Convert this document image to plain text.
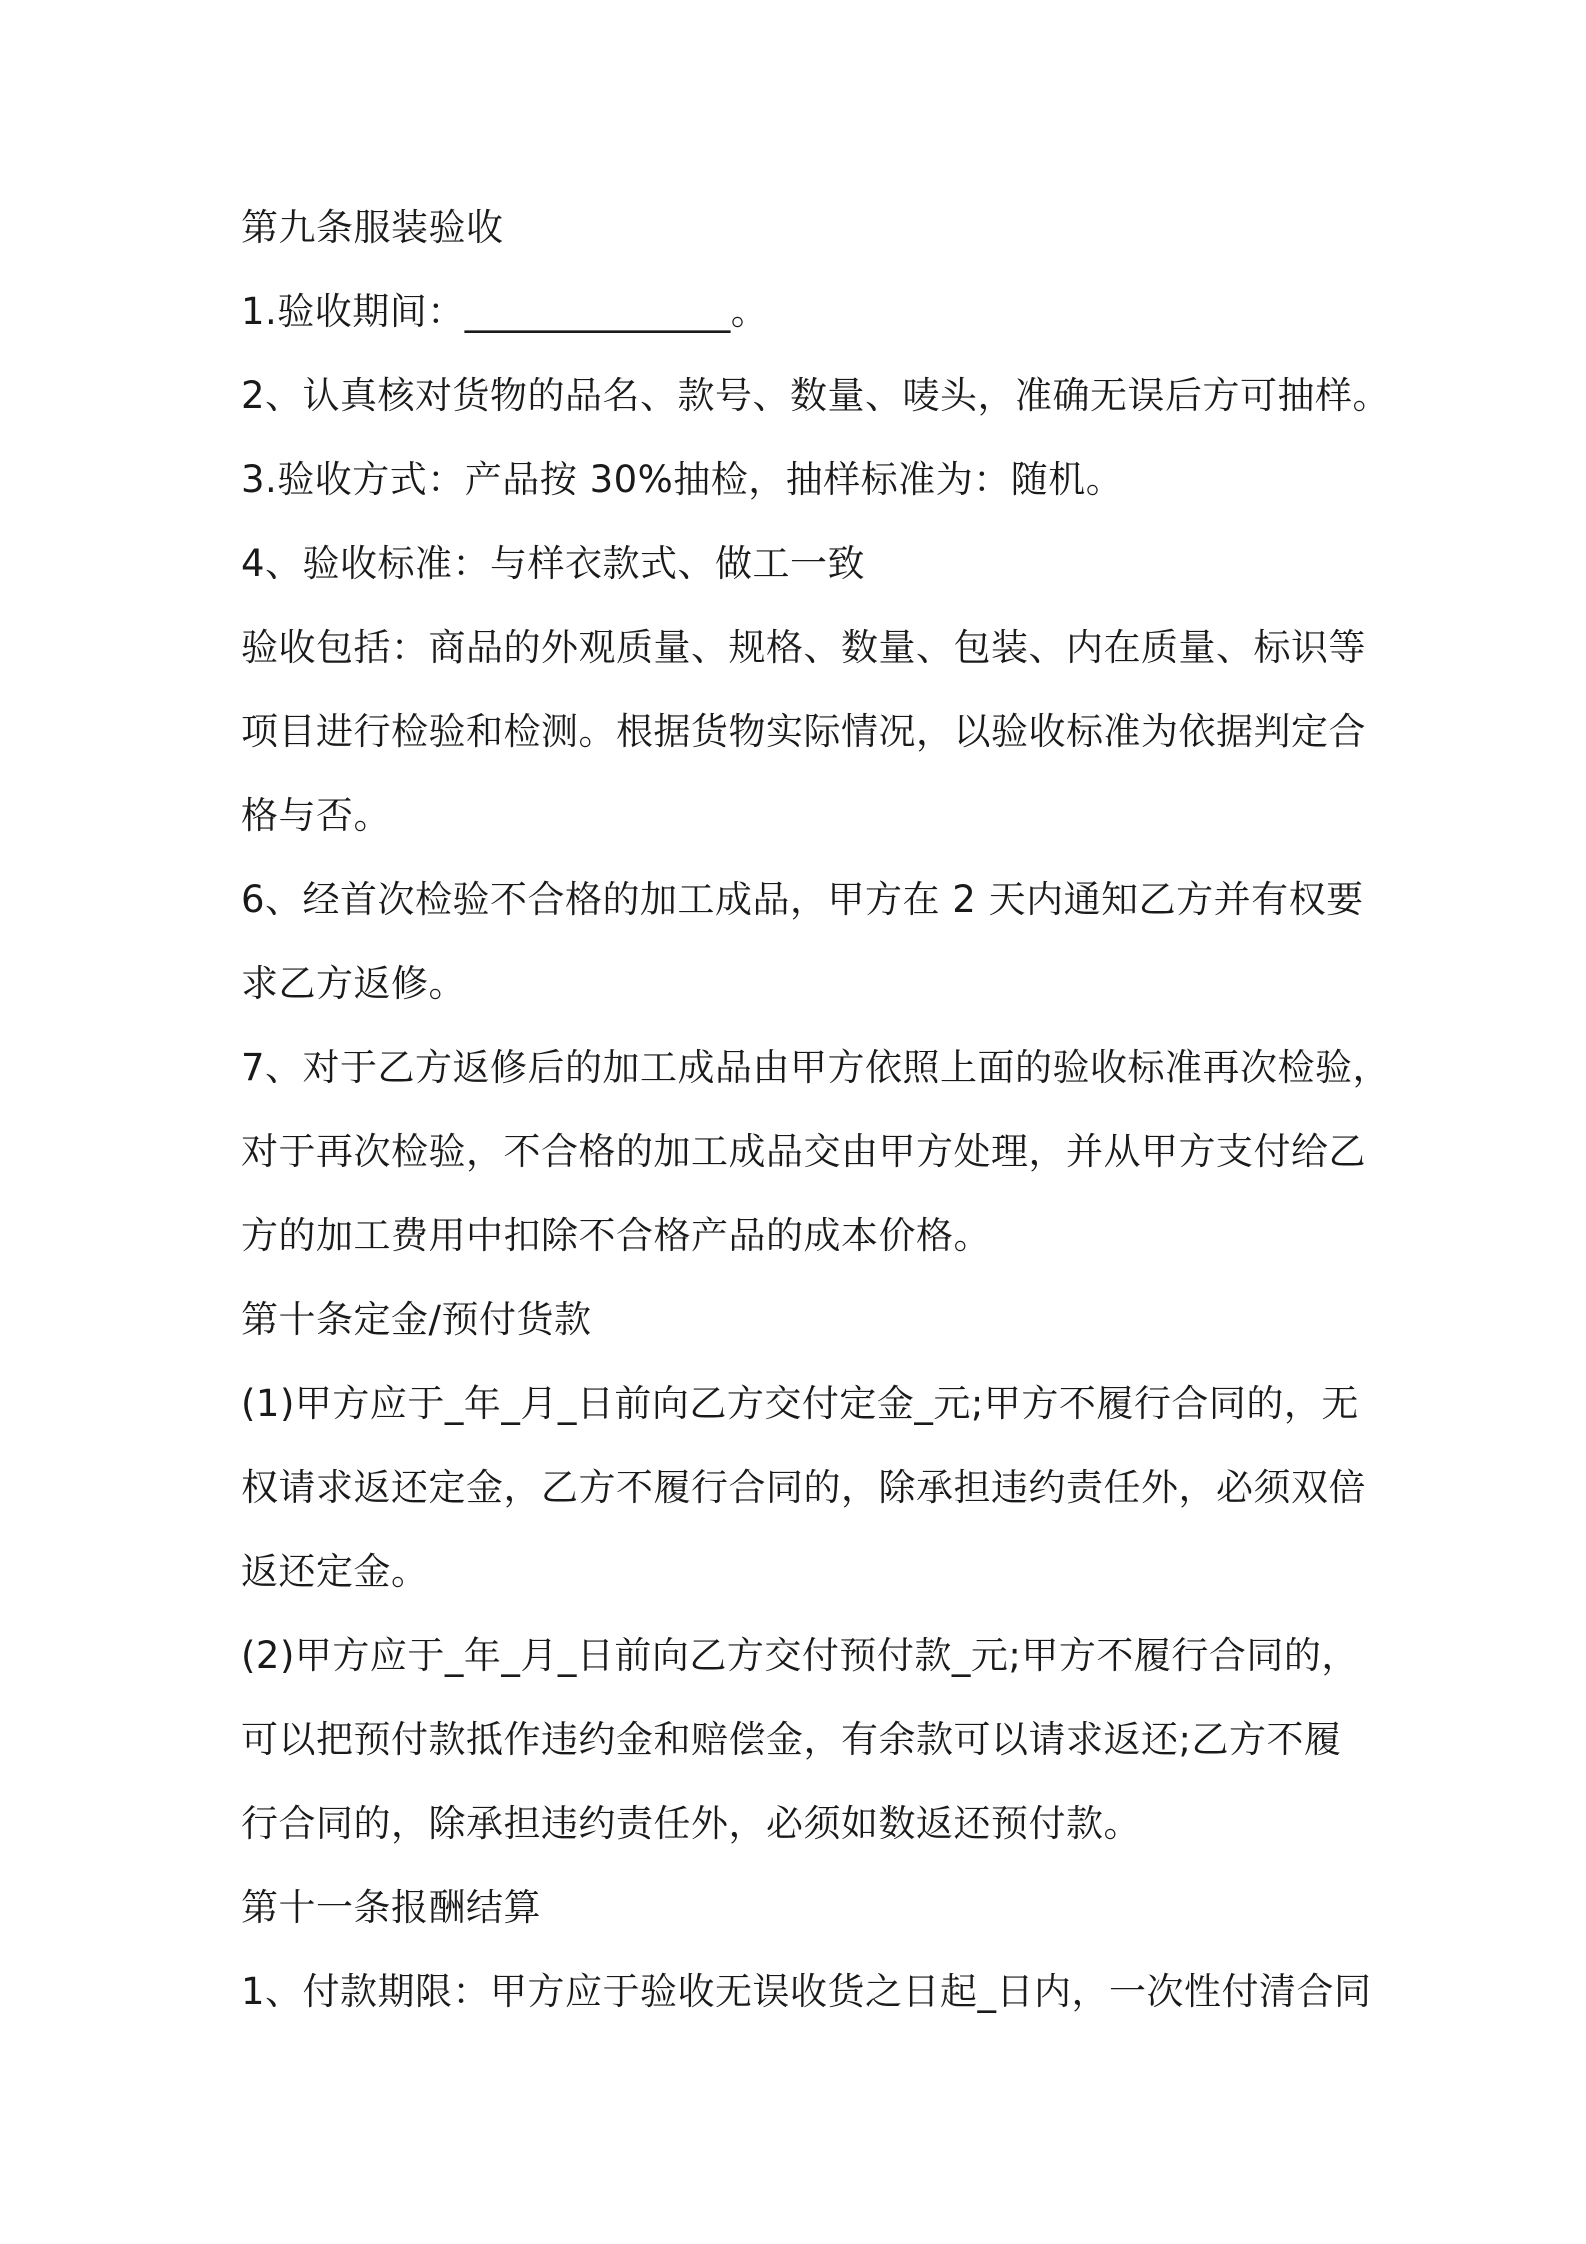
第九条服装验收

1.验收期间：______________。

2、认真核对货物的品名、款号、数量、唛头，准确无误后方可抽样。

3.验收方式：产品按 30%抽检，抽样标准为：随机。

4、验收标准：与样衣款式、做工一致

验收包括：商品的外观质量、规格、数量、包装、内在质量、标识等

项目进行检验和检测。根据货物实际情况，以验收标准为依据判定合

格与否。

6、经首次检验不合格的加工成品，甲方在 2 天内通知乙方并有权要

求乙方返修。

7、对于乙方返修后的加工成品由甲方依照上面的验收标准再次检验，

对于再次检验，不合格的加工成品交由甲方处理，并从甲方支付给乙

方的加工费用中扣除不合格产品的成本价格。

第十条定金/预付货款

(1)甲方应于_年_月_日前向乙方交付定金_元;甲方不履行合同的，无

权请求返还定金，乙方不履行合同的，除承担违约责任外，必须双倍

返还定金。

(2)甲方应于_年_月_日前向乙方交付预付款_元;甲方不履行合同的，

可以把预付款抵作违约金和赔偿金，有余款可以请求返还;乙方不履

行合同的，除承担违约责任外，必须如数返还预付款。

第十一条报酬结算

1、付款期限：甲方应于验收无误收货之日起_日内，一次性付清合同
